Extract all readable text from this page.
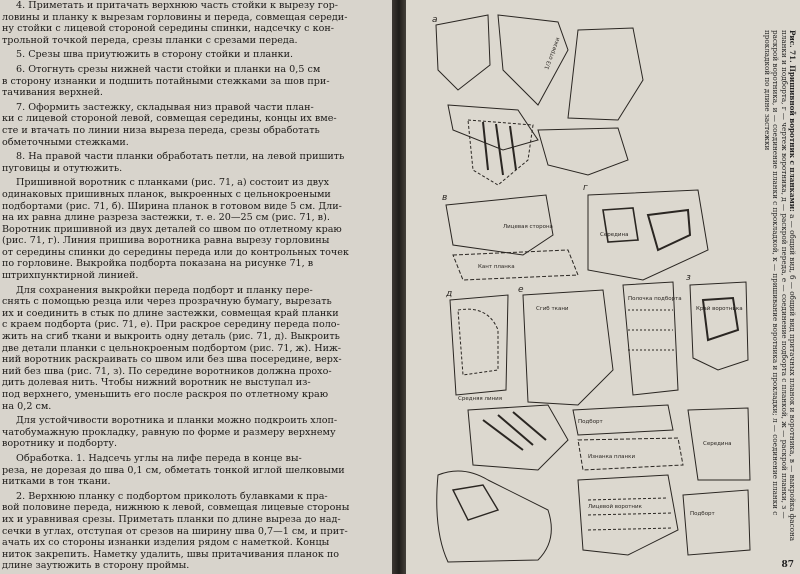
4. Приметать и притачать верхнюю часть стойки к вырезу гор-
ловины и планку к вырезам горловины и переда, совмещая середи-
ну стойки с лицевой стороной середины спинки, надсечку с кон-
трольной точкой переда, срезы планки с срезами переда.
5. Срезы шва приутюжить в сторону стойки и планки.
6. Отогнуть срезы нижней части стойки и планки на 0,5 см
в сторону изнанки и подшить потайными стежками за шов при-
тачивания верхней.
7. Оформить застежку, складывая низ правой части план-
ки с лицевой стороной левой, совмещая середины, концы их вме-
сте и втачать по линии низа выреза переда, срезы обработать
обметочными стежками.
8. На правой части планки обработать петли, на левой пришить
пуговицы и отутюжить.
Пришивной воротник с планками (рис. 71, а) состоит из двух
одинаковых пришивных планок, выкроенных с цельнокроеными
подбортами (рис. 71, б). Ширина планок в готовом виде 5 см. Дли-
на их равна длине разреза застежки, т. е. 20—25 см (рис. 71, в).
Воротник пришивной из двух деталей со швом по отлетному краю
(рис. 71, г). Линия пришива воротника равна вырезу горловины
от середины спинки до середины переда или до контрольных точек
по горловине. Выкройка подборта показана на рисунке 71, в
штрихпунктирной линией.
Для сохранения выкройки переда подборт и планку пере-
снять с помощью резца или через прозрачную бумагу, вырезать
их и соединить в стык по длине застежки, совмещая край планки
с краем подборта (рис. 71, е). При раскрое середину переда поло-
жить на сгиб ткани и выкроить одну деталь (рис. 71, д). Выкроить
две детали планки с цельнокроеным подбортом (рис. 71, ж). Ниж-
ний воротник раскраивать со швом или без шва посередине, верх-
ний без шва (рис. 71, з). По середине воротников должна прохо-
дить долевая нить. Чтобы нижний воротник не выступал из-
под верхнего, уменьшить его после раскроя по отлетному краю
на 0,2 см.
Для устойчивости воротника и планки можно подкроить хлоп-
чатобумажную прокладку, равную по форме и размеру верхнему
воротнику и подборту.
Обработка. 1. Надсечь углы на лифе переда в конце вы-
реза, не дорезая до шва 0,1 см, обметать тонкой иглой шелковыми
нитками в тон ткани.
2. Верхнюю планку с подбортом приколоть булавками к пра-
вой половине переда, нижнюю к левой, совмещая лицевые стороны
их и уравнивая срезы. Приметать планки по длине выреза до над-
сечки в углах, отступая от срезов на ширину шва 0,7—1 см, и прит-
ачать их со стороны изнанки изделия рядом с наметкой. Концы
ниток закрепить. Наметку удалить, швы притачивания планок по
длине заутюжить в сторону проймы.
1/3 отрезки
Лицевая сторона
Кант планка
Середина
Сгиб ткани
Полочка подборта
Край воротника
Средняя линия
Подборт
Изнанка планки
Лицевой воротник
Подборт
Середина
а
в
г
д	е
з
Рис. 71. Пришивной воротник с планками: а — общий вид, б — общий вид притачных планок и воротника, в — выкройка фасона планки и подборта, г — чертеж воротника, д — раскрой переда, е — соединение подборта с планкой, ж — раскрой планки, з — раскрой воротника, и — соединение планки с прокладкой, к — пришивание воротника и прокладки; л — соединение планки с прокладкой по длине застежки
87
